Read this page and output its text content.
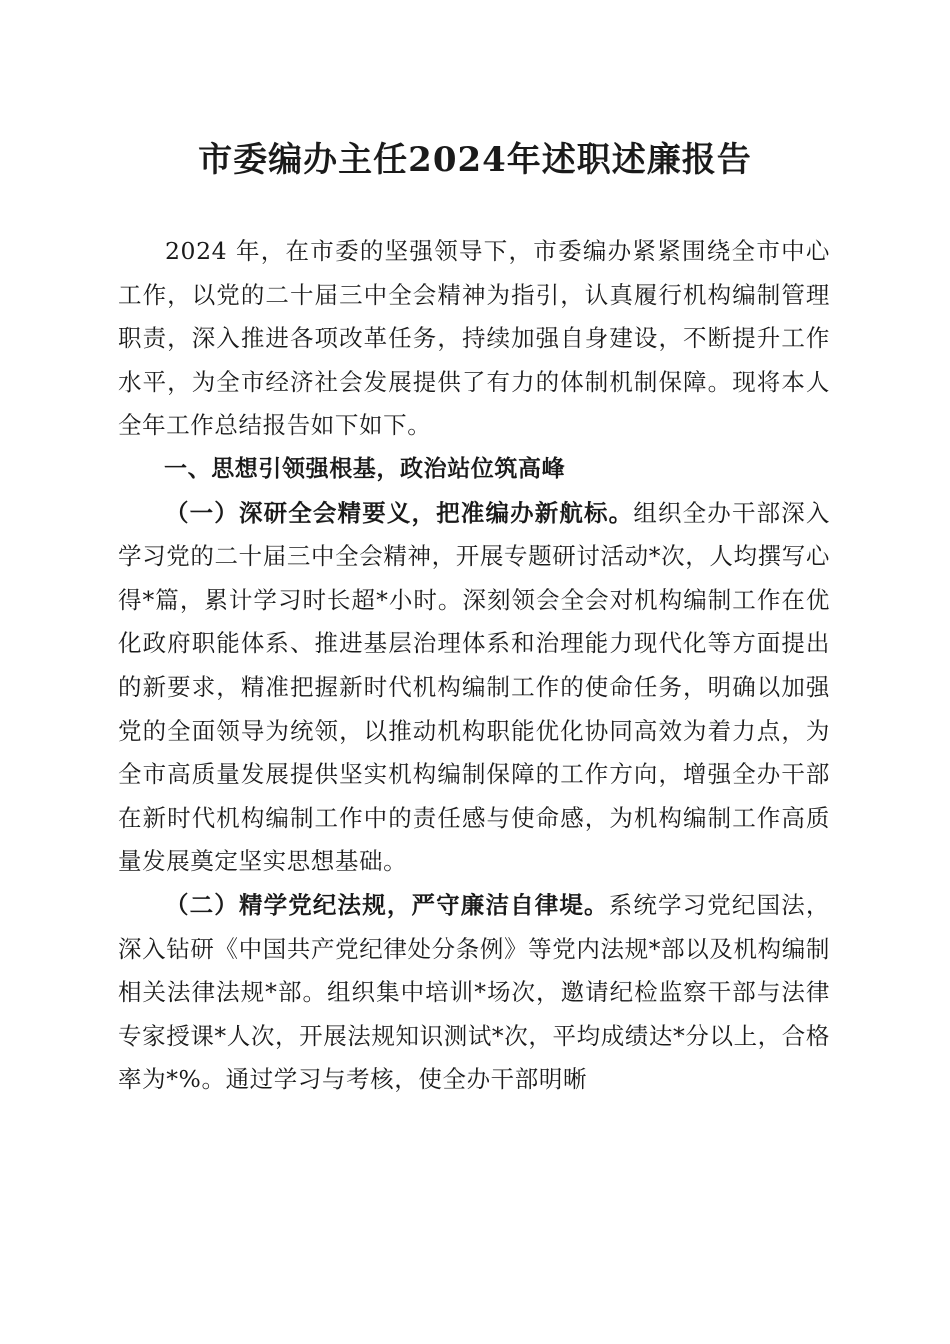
市委编办主任2024年述职述廉报告

2024 年，在市委的坚强领导下，市委编办紧紧围绕全市中心工作，以党的二十届三中全会精神为指引，认真履行机构编制管理职责，深入推进各项改革任务，持续加强自身建设，不断提升工作水平，为全市经济社会发展提供了有力的体制机制保障。现将本人全年工作总结报告如下如下。

一、思想引领强根基，政治站位筑高峰

（一）深研全会精要义，把准编办新航标。组织全办干部深入学习党的二十届三中全会精神，开展专题研讨活动*次，人均撰写心得*篇，累计学习时长超*小时。深刻领会全会对机构编制工作在优化政府职能体系、推进基层治理体系和治理能力现代化等方面提出的新要求，精准把握新时代机构编制工作的使命任务，明确以加强党的全面领导为统领，以推动机构职能优化协同高效为着力点，为全市高质量发展提供坚实机构编制保障的工作方向，增强全办干部在新时代机构编制工作中的责任感与使命感，为机构编制工作高质量发展奠定坚实思想基础。

（二）精学党纪法规，严守廉洁自律堤。系统学习党纪国法，深入钻研《中国共产党纪律处分条例》等党内法规*部以及机构编制相关法律法规*部。组织集中培训*场次，邀请纪检监察干部与法律专家授课*人次，开展法规知识测试*次，平均成绩达*分以上，合格率为*%。通过学习与考核，使全办干部明晰
